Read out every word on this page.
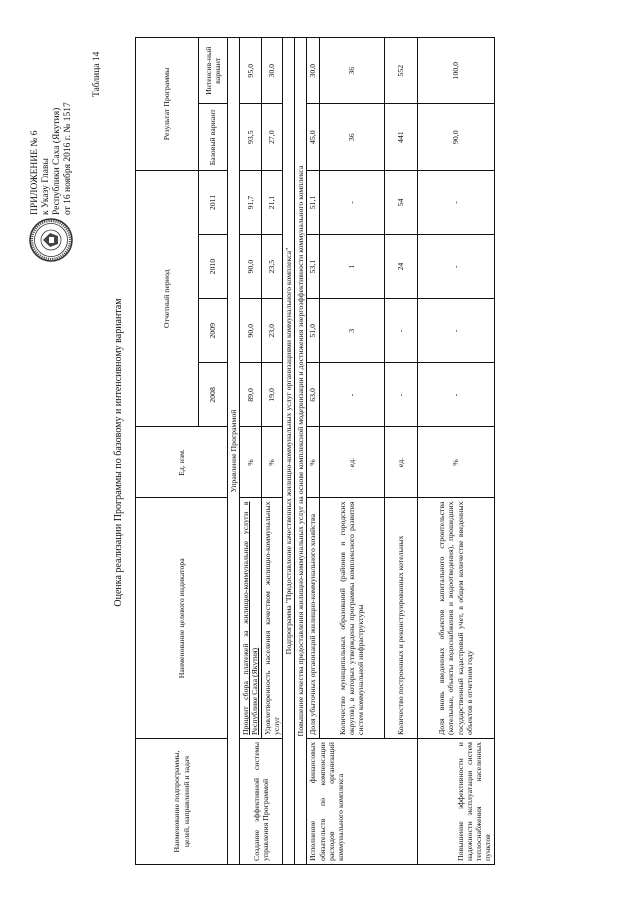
ПРИЛОЖЕНИЕ № 6 к Указу Главы Республики Саха (Якутия) от 16 ноября 2016 г. № 1517
Таблица 14
Оценка реализации Программы по базовому и интенсивному вариантам
Наименование подпрограммы, целей, направлений и задач	Наименование целевого индикатора	Ед. изм.	Отчетный период				Результат Программы	
			2008	2009	2010	2011	Базовый вариант	Интенсив-ный вариант
Управление Программой								
Создание эффективной системы управления Программой	Процент сбора платежей за жилищно-коммунальные услуги в Республике Саха (Якутия)	%	89,0	90,0	90,0	91,7	93,5	95,0
	Удовлетворенность населения качеством жилищно-коммунальных услуг	%	19,0	23,0	23,5	21,1	27,0	30,0
Подпрограмма "Предоставление качественных жилищно-коммунальных услуг организациями коммунального комплекса"								
Повышение качества предоставления жилищно-коммунальных услуг на основе комплексной модернизации и достижения энергоэффективности коммунального комплекса								
Исполнение финансовых обязательств по компенсации расходов организаций коммунального комплекса	Доля убыточных организаций жилищно-коммунального хозяйства	%	63,0	51,0	53,1	51,1	45,0	30,0
	Количество муниципальных образований (районов и городских округов), в которых утверждены программы комплексного развития систем коммунальной инфраструктуры	ед.	-	3	1	-	36	36
	Количество построенных и реконструированных котельных	ед.	-	-	24	54	441	552
Повышение эффективности и надежности эксплуатации систем теплоснабжения населенных пунктов	Доля вновь введенных объектов капитального строительства (котельные, объекты водоснабжения и водоотведения), прошедших государственный кадастровый учет, в общем количестве введенных объектов в отчетном году	%	-	-	-	-	90,0	100,0
